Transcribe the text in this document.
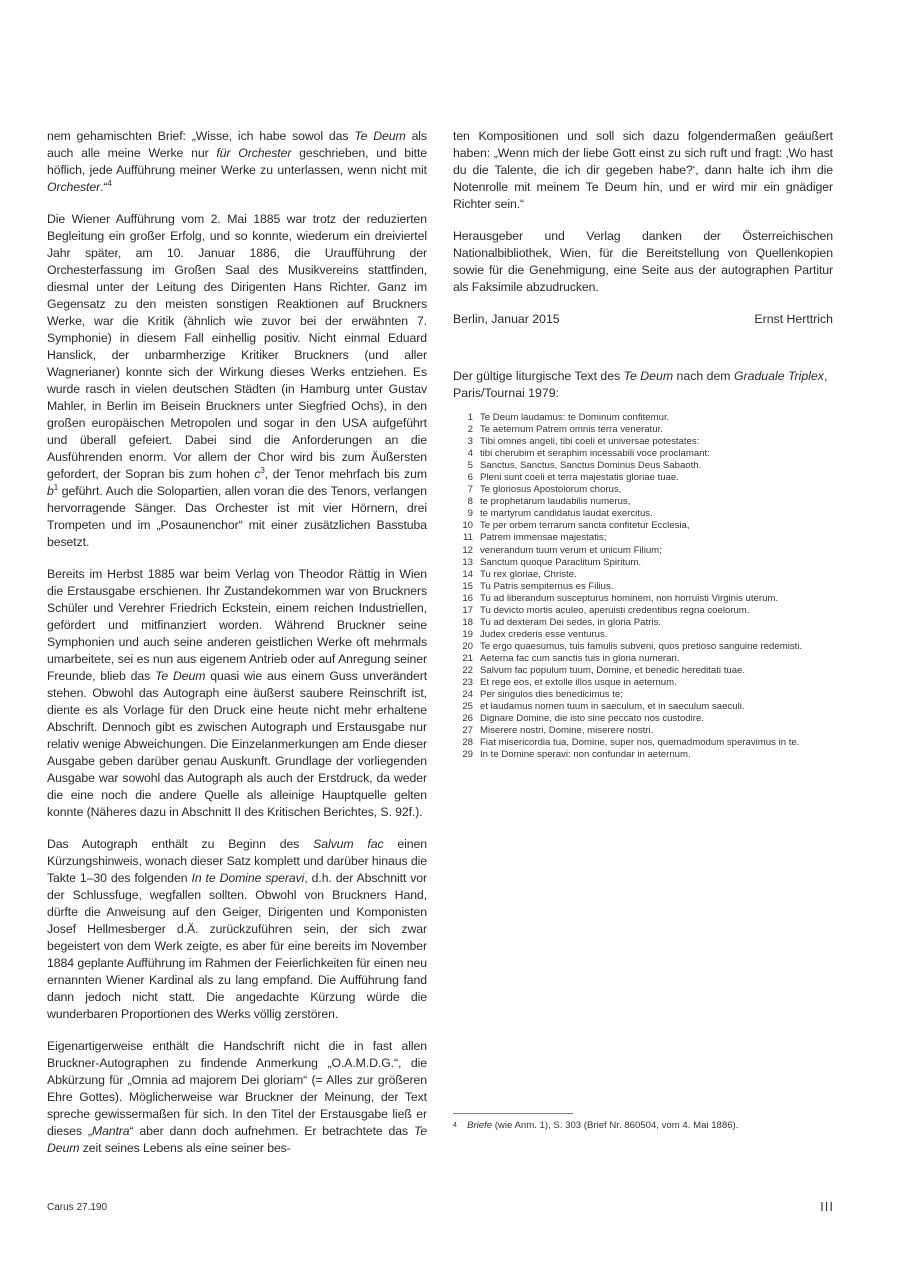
nem gehamischten Brief: „Wisse, ich habe sowol das Te Deum als auch alle meine Werke nur für Orchester geschrieben, und bitte höflich, jede Aufführung meiner Werke zu unterlassen, wenn nicht mit Orchester.“$^4$

Die Wiener Aufführung vom 2. Mai 1885 war trotz der reduzierten Begleitung ein großer Erfolg, und so konnte, wiederum ein dreiviertel Jahr später, am 10. Januar 1886, die Uraufführung der Orchesterfassung im Großen Saal des Musikvereins stattfinden, diesmal unter der Leitung des Dirigenten Hans Richter. Ganz im Gegensatz zu den meisten sonstigen Reaktionen auf Bruckners Werke, war die Kritik (ähnlich wie zuvor bei der erwähnten 7. Symphonie) in diesem Fall einhellig positiv. Nicht einmal Eduard Hanslick, der unbarmherzige Kritiker Bruckners (und aller Wagnerianer) konnte sich der Wirkung dieses Werks entziehen. Es wurde rasch in vielen deutschen Städten (in Hamburg unter Gustav Mahler, in Berlin im Beisein Bruckners unter Siegfried Ochs), in den großen europäischen Metropolen und sogar in den USA aufgeführt und überall gefeiert. Dabei sind die Anforderungen an die Ausführenden enorm. Vor allem der Chor wird bis zum Äußersten gefordert, der Sopran bis zum hohen $c^3$, der Tenor mehrfach bis zum $b^1$ geführt. Auch die Solopartien, allen voran die des Tenors, verlangen hervorragende Sänger. Das Orchester ist mit vier Hörnern, drei Trompeten und im „Posaunenchor“ mit einer zusätzlichen Basstuba besetzt.

Bereits im Herbst 1885 war beim Verlag von Theodor Rättig in Wien die Erstausgabe erschienen. Ihr Zustandekommen war von Bruckners Schüler und Verehrer Friedrich Eckstein, einem reichen Industriellen, gefördert und mitfinanziert worden. Während Bruckner seine Symphonien und auch seine anderen geistlichen Werke oft mehrmals umarbeitete, sei es nun aus eigenem Antrieb oder auf Anregung seiner Freunde, blieb das Te Deum quasi wie aus einem Guss unverändert stehen. Obwohl das Autograph eine äußerst saubere Reinschrift ist, diente es als Vorlage für den Druck eine heute nicht mehr erhaltene Abschrift. Dennoch gibt es zwischen Autograph und Erstausgabe nur relativ wenige Abweichungen. Die Einzelanmerkungen am Ende dieser Ausgabe geben darüber genau Auskunft. Grundlage der vorliegenden Ausgabe war sowohl das Autograph als auch der Erstdruck, da weder die eine noch die andere Quelle als alleinige Hauptquelle gelten konnte (Näheres dazu in Abschnitt II des Kritischen Berichtes, S. 92f.).

Das Autograph enthält zu Beginn des Salvum fac einen Kürzungshinweis, wonach dieser Satz komplett und darüber hinaus die Takte 1–30 des folgenden In te Domine speravi, d.h. der Abschnitt vor der Schlussfuge, wegfallen sollten. Obwohl von Bruckners Hand, dürfte die Anweisung auf den Geiger, Dirigenten und Komponisten Josef Hellmesberger d.Ä. zurückzuführen sein, der sich zwar begeistert von dem Werk zeigte, es aber für eine bereits im November 1884 geplante Aufführung im Rahmen der Feierlichkeiten für einen neu ernannten Wiener Kardinal als zu lang empfand. Die Aufführung fand dann jedoch nicht statt. Die angedachte Kürzung würde die wunderbaren Proportionen des Werks völlig zerstören.

Eigenartigerweise enthält die Handschrift nicht die in fast allen Bruckner-Autographen zu findende Anmerkung „O.A.M.D.G.“, die Abkürzung für „Omnia ad majorem Dei gloriam“ (= Alles zur größeren Ehre Gottes). Möglicherweise war Bruckner der Meinung, der Text spreche gewissermaßen für sich. In den Titel der Erstausgabe ließ er dieses „Mantra“ aber dann doch aufnehmen. Er betrachtete das Te Deum zeit seines Lebens als eine seiner bes-

ten Kompositionen und soll sich dazu folgendermaßen geäußert haben: „Wenn mich der liebe Gott einst zu sich ruft und fragt: ‚Wo hast du die Talente, die ich dir gegeben habe?‘, dann halte ich ihm die Notenrolle mit meinem Te Deum hin, und er wird mir ein gnädiger Richter sein.“

Herausgeber und Verlag danken der Österreichischen Nationalbibliothek, Wien, für die Bereitstellung von Quellenkopien sowie für die Genehmigung, eine Seite aus der autographen Partitur als Faksimile abzudrucken.

Berlin, Januar 2015	Ernst Herttrich

Der gültige liturgische Text des Te Deum nach dem Graduale Triplex, Paris/Tournai 1979:

1 Te Deum laudamus: te Dominum confitemur.
2 Te aeternum Patrem omnis terra veneratur.
3 Tibi omnes angeli, tibi coeli et universae potestates:
4 tibi cherubim et seraphim incessabili voce proclamant:
5 Sanctus, Sanctus, Sanctus Dominus Deus Sabaoth.
6 Pleni sunt coeli et terra majestatis gloriae tuae.
7 Te gloriosus Apostolorum chorus,
8 te prophetarum laudabilis numerus,
9 te martyrum candidatus laudat exercitus.
10 Te per orbem terrarum sancta confitetur Ecclesia,
11 Patrem immensae majestatis;
12 venerandum tuum verum et unicum Filium;
13 Sanctum quoque Paraclitum Spiritum.
14 Tu rex gloriae, Christe.
15 Tu Patris sempiternus es Filius.
16 Tu ad liberandum suscepturus hominem, non horruisti Virginis uterum.
17 Tu devicto mortis aculeo, aperuisti credentibus regna coelorum.
18 Tu ad dexteram Dei sedes, in gloria Patris.
19 Judex crederis esse venturus.
20 Te ergo quaesumus, tuis famulis subveni, quos pretioso sanguine redemisti.
21 Aeterna fac cum sanctis tuis in gloria numerari.
22 Salvum fac populum tuum, Domine, et benedic hereditati tuae.
23 Et rege eos, et extolle illos usque in aeternum.
24 Per singulos dies benedicimus te;
25 et laudamus nomen tuum in saeculum, et in saeculum saeculi.
26 Dignare Domine, die isto sine peccato nos custodire.
27 Miserere nostri, Domine, miserere nostri.
28 Fiat misericordia tua, Domine, super nos, quemadmodum speravimus in te.
29 In te Domine speravi: non confundar in aeternum.
4 Briefe (wie Anm. 1), S. 303 (Brief Nr. 860504, vom 4. Mai 1886).
Carus 27.190	III
